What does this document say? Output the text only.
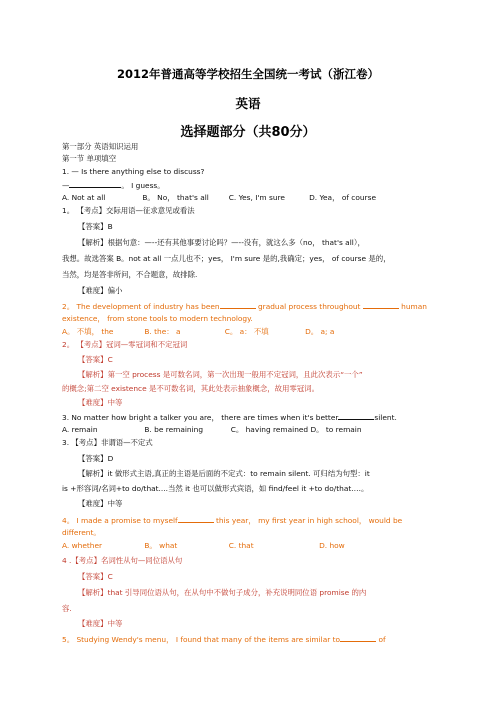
2012年普通高等学校招生全国统一考试（浙江卷）
英语
选择题部分（共80分）
第一部分 英语知识运用
第一节 单项填空
1. — Is there anything else to discuss?
—	。 I guess。
A. Not at all	B。 No， that's all	C. Yes, I'm sure	D. Yea， of course
1。 【考点】交际用语—征求意见或看法
【答案】B
【解析】根据句意：—--还有其他事要讨论吗？—--没有，就这么多（no， that's all），
我想。故选答案 B。not at all 一点儿也不；yes， I'm sure 是的,我确定；yes， of course 是的，
当然，均是答非所问，不合题意，故排除.
【难度】偏小
2。 The development of industry has been	gradual process throughout	human
existence， from stone tools to modern technology.
A。 不填， the	B. the： a	C。 a： 不填	D。 a; a
2。 【考点】冠词—零冠词和不定冠词
【答案】C
【解析】第一空 process 是可数名词，第一次出现一般用不定冠词，且此次表示“一个”
的概念;第二空 existence 是不可数名词，其此处表示抽象概念，故用零冠词。
【难度】中等
3. No matter how bright a talker you are， there are times when it's better	silent.
A. remain	B. be remaining	C。 having remained D。 to remain
3. 【考点】非谓语—不定式
【答案】D
【解析】it 做形式主语,真正的主语是后面的不定式：to remain silent. 可归结为句型：it
is +形容词/名词+to do/that....当然 it 也可以做形式宾语，如 find/feel it +to do/that.…。
【难度】中等
4。 I made a promise to myself	this year， my first year in high school， would be
different。
A. whether	B。 what	C. that	D. how
4 .【考点】名词性从句—同位语从句
【答案】C
【解析】that 引导同位语从句，在从句中不做句子成分，补充说明同位语 promise 的内
容.
【难度】中等
5。 Studying Wendy's menu， I found that many of the items are similar to	of
